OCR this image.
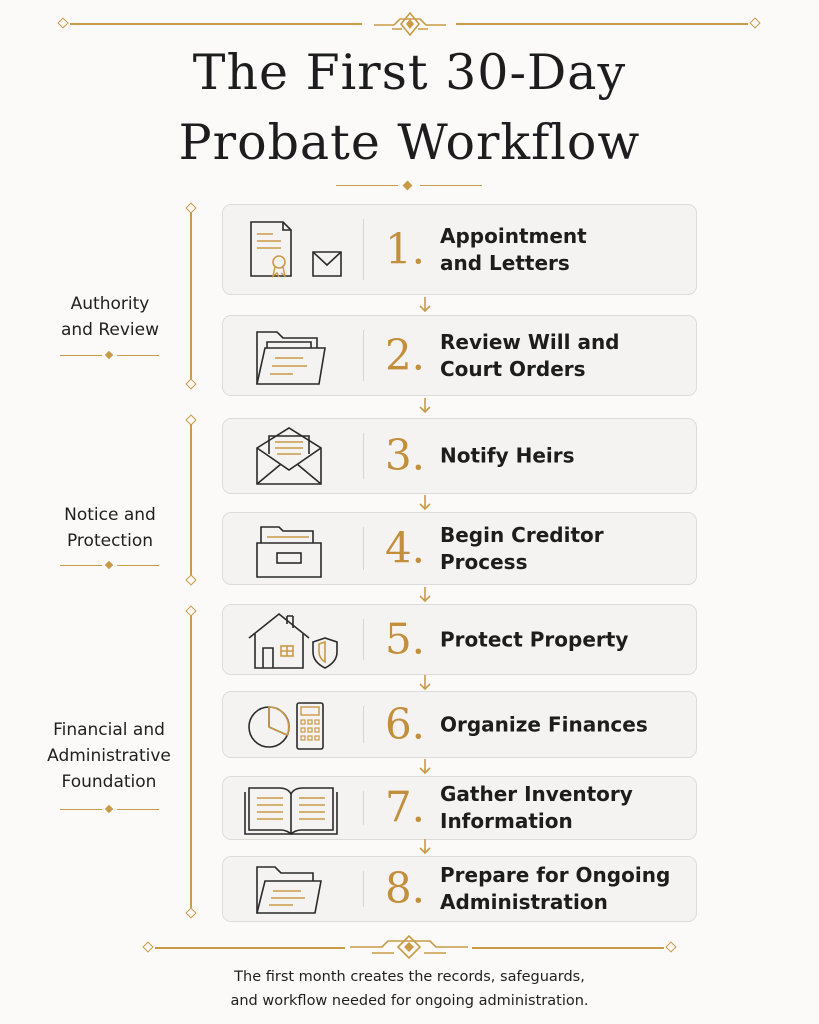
The First 30-Day
Probate Workflow
Authority
and Review
Notice and
Protection
Financial and
Administrative
Foundation
1. Appointment
and Letters
2. Review Will and
Court Orders
3. Notify Heirs
4. Begin Creditor Process
5. Protect Property
6. Organize Finances
7. Gather Inventory
Information
8. Prepare for Ongoing
Administration
The first month creates the records, safeguards,
and workflow needed for ongoing administration.
